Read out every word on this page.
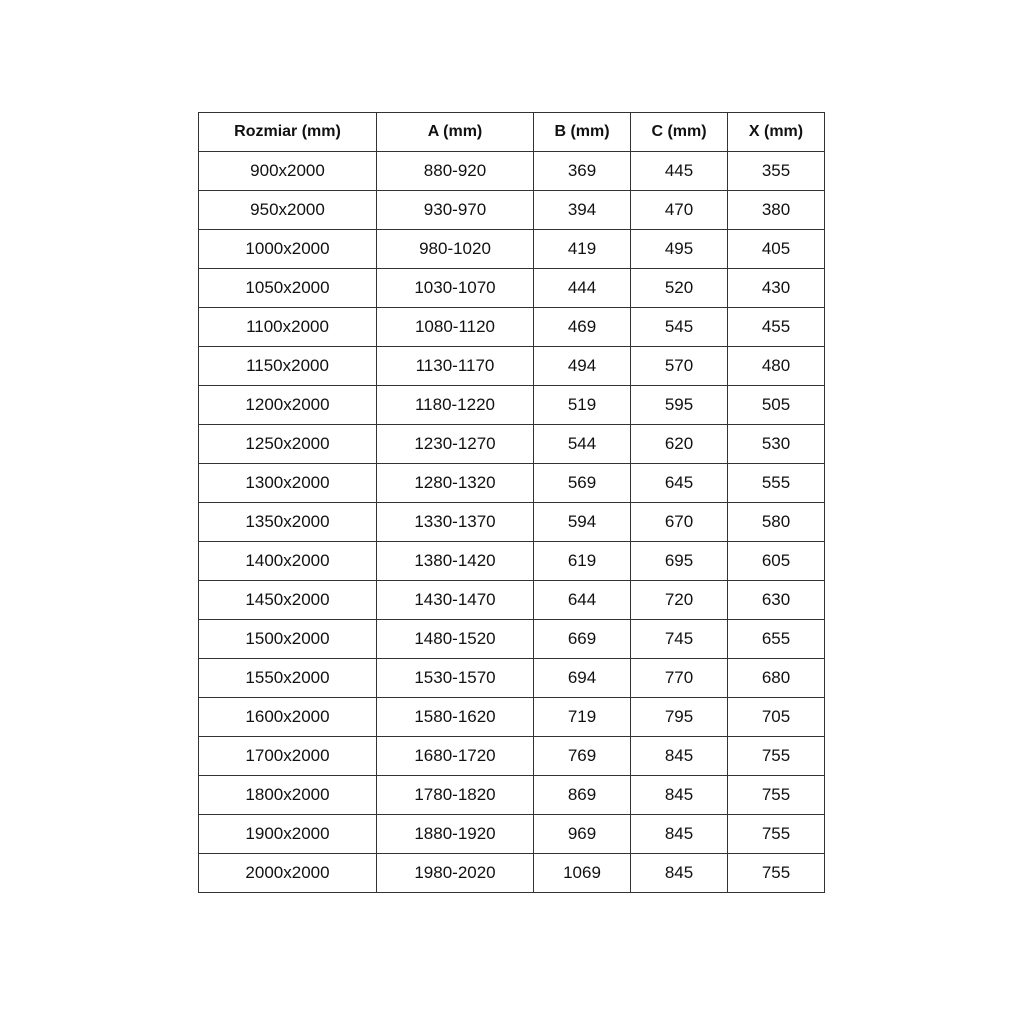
Rozmiar (mm)	A (mm)	B (mm)	C (mm)	X (mm)
900x2000	880-920	369	445	355
950x2000	930-970	394	470	380
1000x2000	980-1020	419	495	405
1050x2000	1030-1070	444	520	430
1100x2000	1080-1120	469	545	455
1150x2000	1130-1170	494	570	480
1200x2000	1180-1220	519	595	505
1250x2000	1230-1270	544	620	530
1300x2000	1280-1320	569	645	555
1350x2000	1330-1370	594	670	580
1400x2000	1380-1420	619	695	605
1450x2000	1430-1470	644	720	630
1500x2000	1480-1520	669	745	655
1550x2000	1530-1570	694	770	680
1600x2000	1580-1620	719	795	705
1700x2000	1680-1720	769	845	755
1800x2000	1780-1820	869	845	755
1900x2000	1880-1920	969	845	755
2000x2000	1980-2020	1069	845	755
